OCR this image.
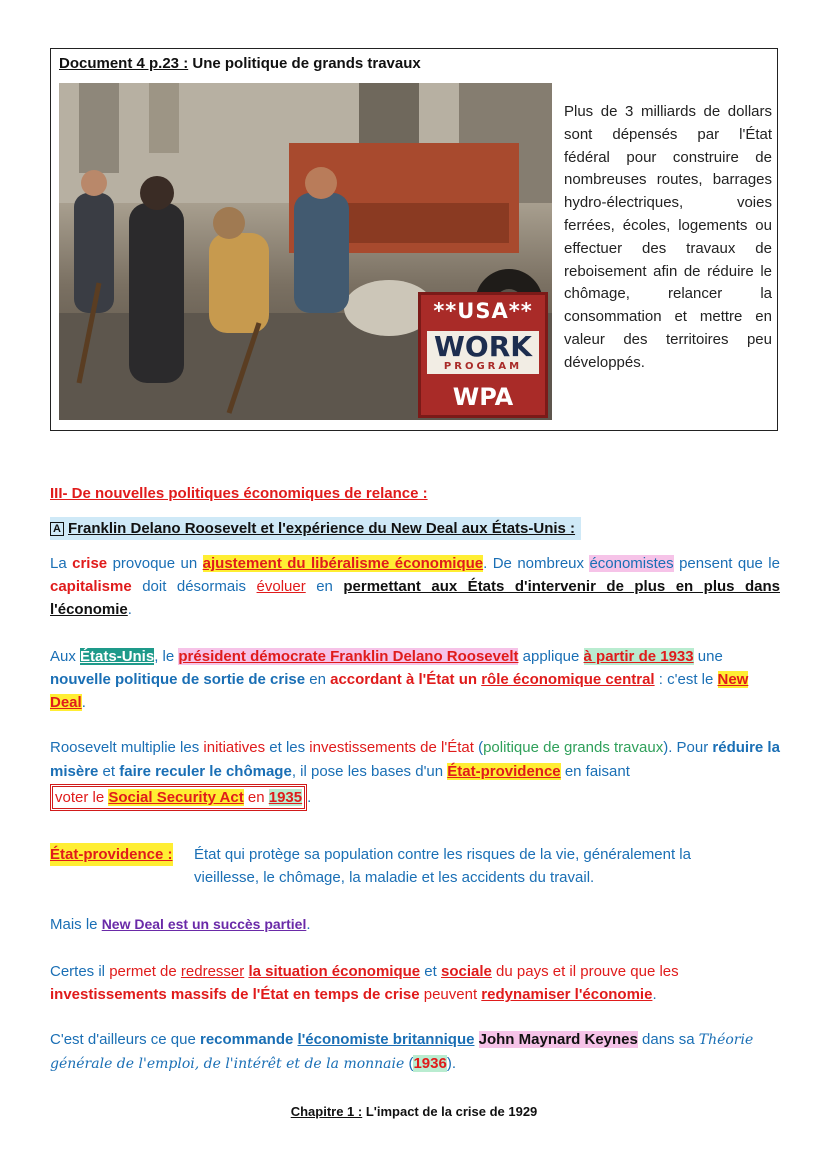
Document 4 p.23 : Une politique de grands travaux
**USA**
WORK
PROGRAM
WPA
Plus de 3 milliards de dollars sont dépensés par l'État fédéral pour construire de nombreuses routes, barrages hydro-électriques, voies ferrées, écoles, logements ou effectuer des travaux de reboisement afin de réduire le chômage, relancer la consommation et mettre en valeur des territoires peu développés.
III- De nouvelles politiques économiques de relance :
A Franklin Delano Roosevelt et l'expérience du New Deal aux États-Unis :
La crise provoque un ajustement du libéralisme économique. De nombreux économistes pensent que le capitalisme doit désormais évoluer en permettant aux États d'intervenir de plus en plus dans l'économie.
Aux États-Unis, le président démocrate Franklin Delano Roosevelt applique à partir de 1933 une nouvelle politique de sortie de crise en accordant à l'État un rôle économique central : c'est le New Deal.
Roosevelt multiplie les initiatives et les investissements de l'État (politique de grands travaux). Pour réduire la misère et faire reculer le chômage, il pose les bases d'un État-providence en faisant voter le Social Security Act en 1935 .
État-providence :	État qui protège sa population contre les risques de la vie, généralement la
vieillesse, le chômage, la maladie et les accidents du travail.
Mais le New Deal est un succès partiel.
Certes il permet de redresser la situation économique et sociale du pays et il prouve que les investissements massifs de l'État en temps de crise peuvent redynamiser l'économie.
C'est d'ailleurs ce que recommande l'économiste britannique John Maynard Keynes dans sa Théorie générale de l'emploi, de l'intérêt et de la monnaie (1936).
Chapitre 1 : L'impact de la crise de 1929
